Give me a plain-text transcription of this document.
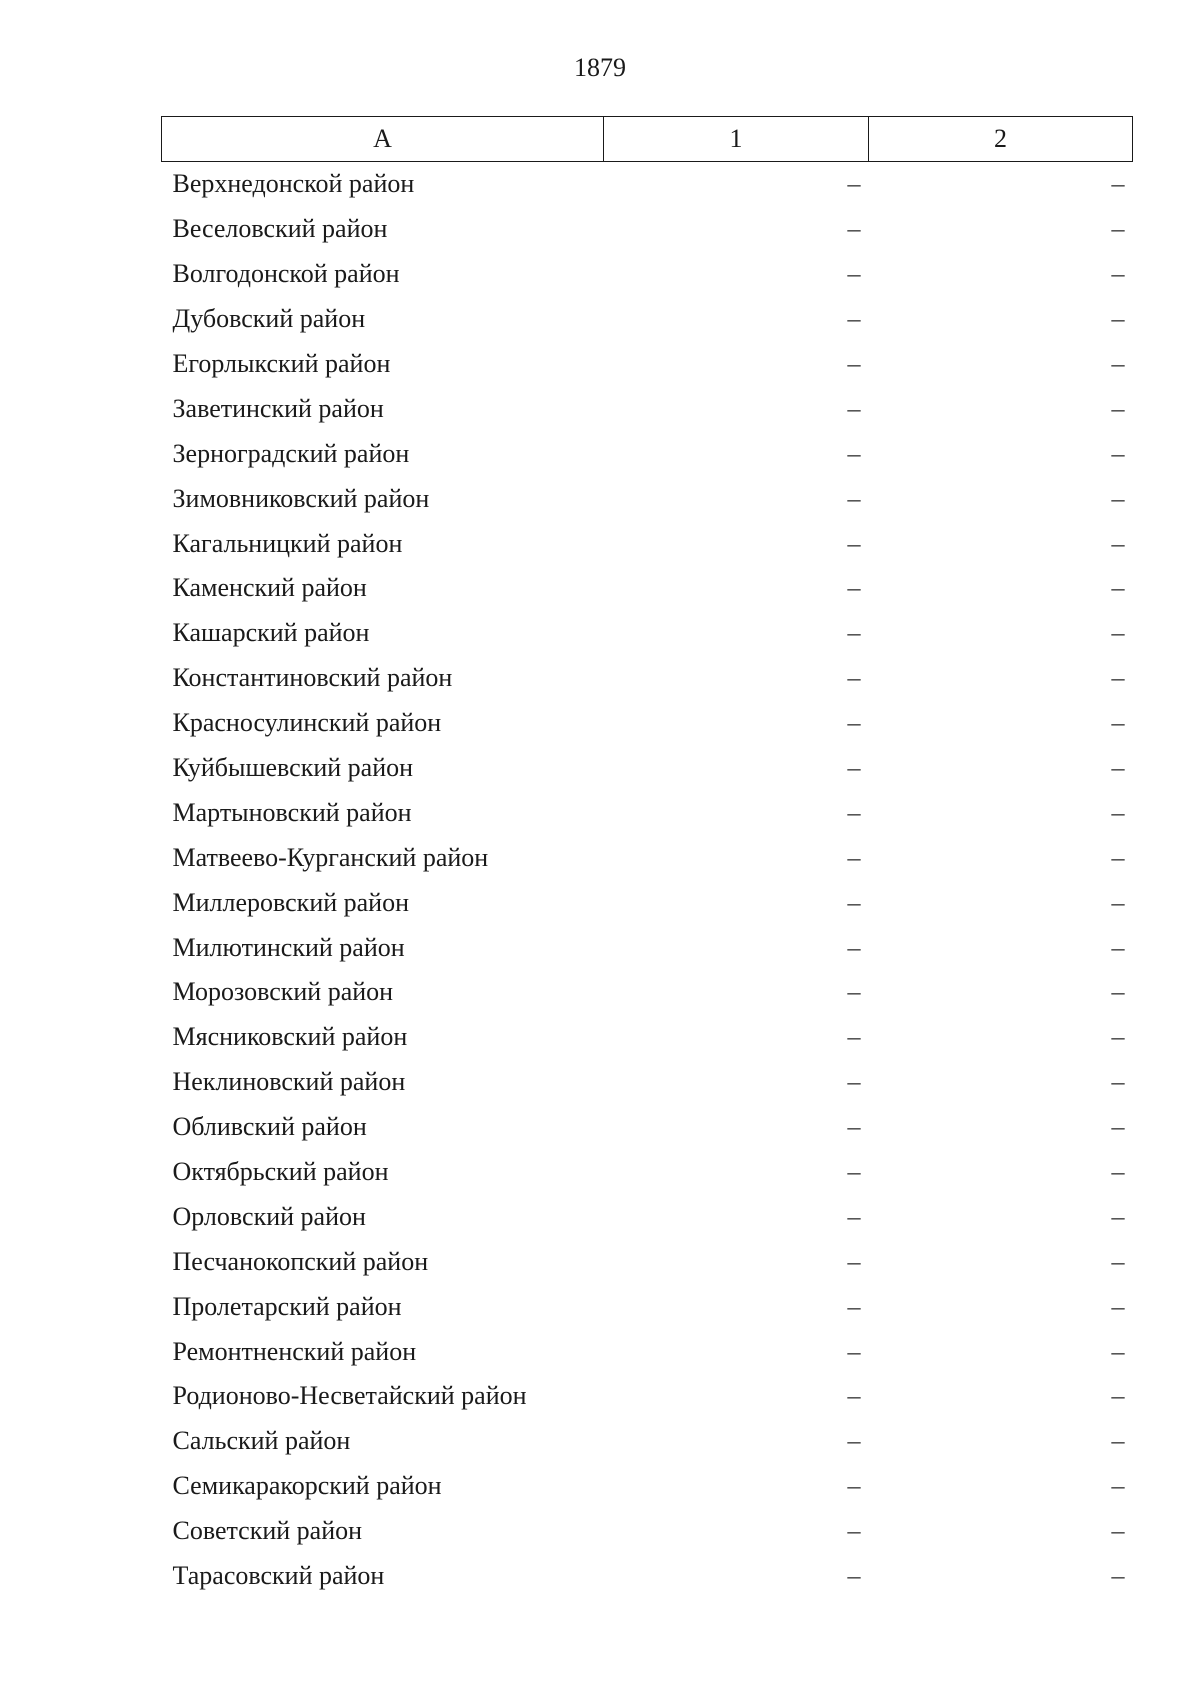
1879
А	1	2
Верхнедонской район	–	–
Веселовский район	–	–
Волгодонской район	–	–
Дубовский район	–	–
Егорлыкский район	–	–
Заветинский район	–	–
Зерноградский район	–	–
Зимовниковский район	–	–
Кагальницкий район	–	–
Каменский район	–	–
Кашарский район	–	–
Константиновский район	–	–
Красносулинский район	–	–
Куйбышевский район	–	–
Мартыновский район	–	–
Матвеево-Курганский район	–	–
Миллеровский район	–	–
Милютинский район	–	–
Морозовский район	–	–
Мясниковский район	–	–
Неклиновский район	–	–
Обливский район	–	–
Октябрьский район	–	–
Орловский район	–	–
Песчанокопский район	–	–
Пролетарский район	–	–
Ремонтненский район	–	–
Родионово-Несветайский район	–	–
Сальский район	–	–
Семикаракорский район	–	–
Советский район	–	–
Тарасовский район	–	–
